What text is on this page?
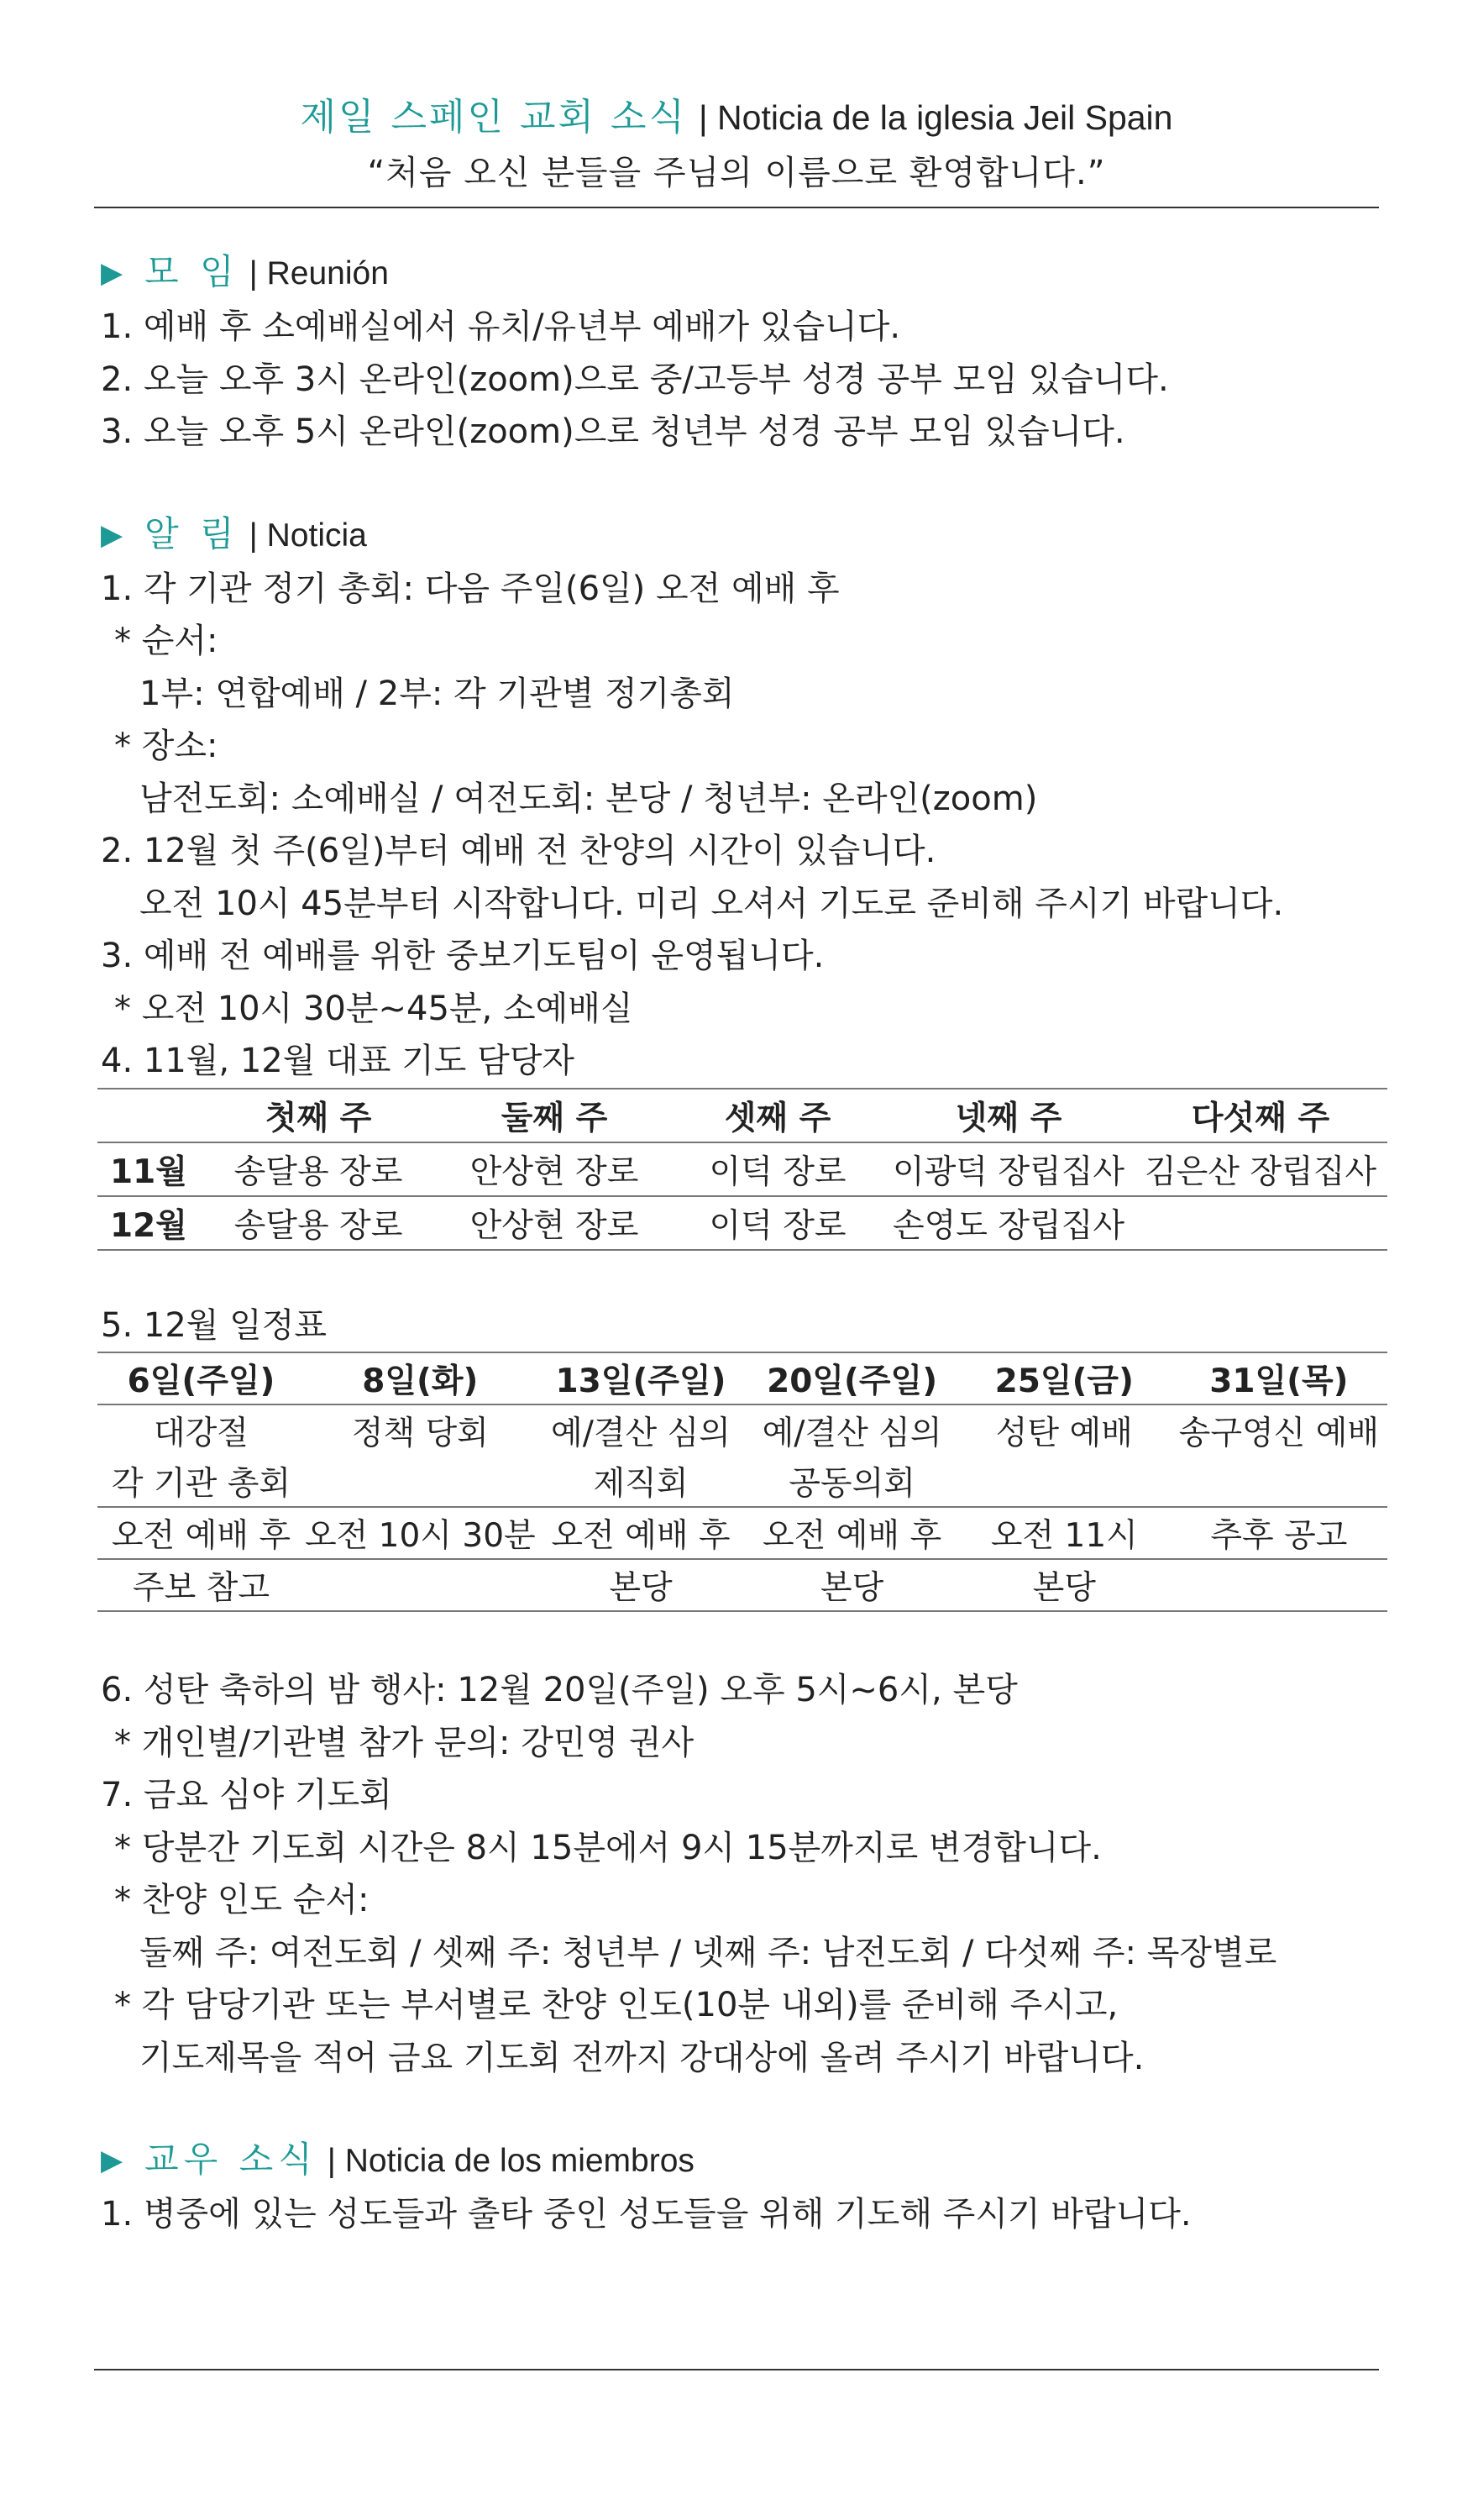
제일 스페인 교회 소식 | Noticia de la iglesia Jeil Spain
“처음 오신 분들을 주님의 이름으로 환영합니다.”
▶ 모 임 | Reunión
1. 예배 후 소예배실에서 유치/유년부 예배가 있습니다.
2. 오늘 오후 3시 온라인(zoom)으로 중/고등부 성경 공부 모임 있습니다.
3. 오늘 오후 5시 온라인(zoom)으로 청년부 성경 공부 모임 있습니다.
▶ 알 림 | Noticia
1. 각 기관 정기 총회: 다음 주일(6일) 오전 예배 후
* 순서:
1부: 연합예배 / 2부: 각 기관별 정기총회
* 장소:
남전도회: 소예배실 / 여전도회: 본당 / 청년부: 온라인(zoom)
2. 12월 첫 주(6일)부터 예배 전 찬양의 시간이 있습니다.
오전 10시 45분부터 시작합니다. 미리 오셔서 기도로 준비해 주시기 바랍니다.
3. 예배 전 예배를 위한 중보기도팀이 운영됩니다.
* 오전 10시 30분~45분, 소예배실
4. 11월, 12월 대표 기도 담당자
	첫째 주	둘째 주	셋째 주	넷째 주	다섯째 주
11월	송달용 장로	안상현 장로	이덕 장로	이광덕 장립집사	김은산 장립집사
12월	송달용 장로	안상현 장로	이덕 장로	손영도 장립집사	
5. 12월 일정표
6일(주일)	8일(화)	13일(주일)	20일(주일)	25일(금)	31일(목)
대강절	정책 당회	예/결산 심의	예/결산 심의	성탄 예배	송구영신 예배
각 기관 총회		제직회	공동의회		
오전 예배 후	오전 10시 30분	오전 예배 후	오전 예배 후	오전 11시	추후 공고
주보 참고		본당	본당	본당	
6. 성탄 축하의 밤 행사: 12월 20일(주일) 오후 5시~6시, 본당
* 개인별/기관별 참가 문의: 강민영 권사
7. 금요 심야 기도회
* 당분간 기도회 시간은 8시 15분에서 9시 15분까지로 변경합니다.
* 찬양 인도 순서:
둘째 주: 여전도회 / 셋째 주: 청년부 / 넷째 주: 남전도회 / 다섯째 주: 목장별로
* 각 담당기관 또는 부서별로 찬양 인도(10분 내외)를 준비해 주시고,
기도제목을 적어 금요 기도회 전까지 강대상에 올려 주시기 바랍니다.
▶ 교우 소식 | Noticia de los miembros
1. 병중에 있는 성도들과 출타 중인 성도들을 위해 기도해 주시기 바랍니다.
